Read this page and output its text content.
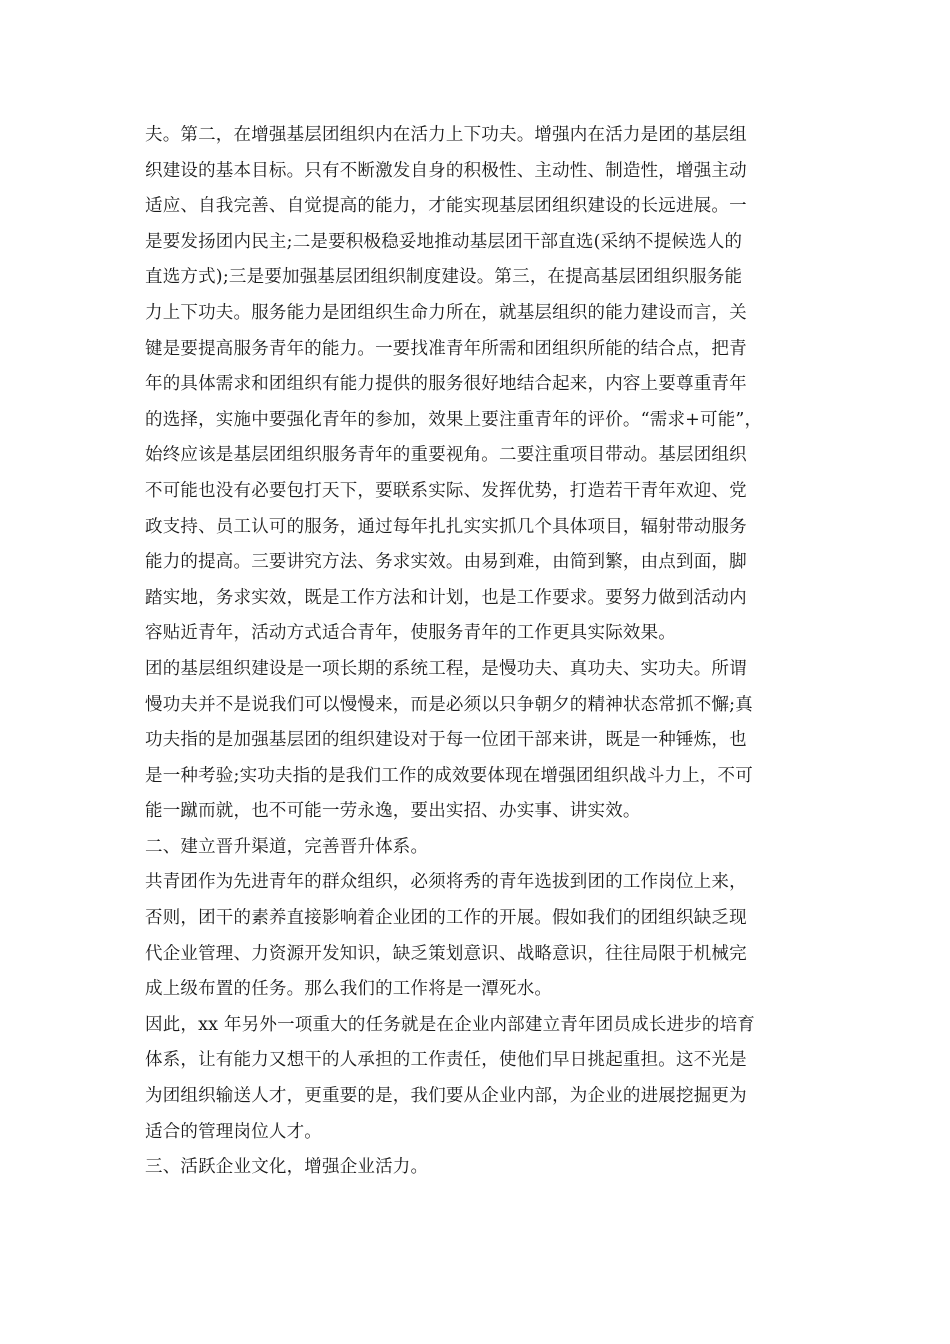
夫。第二，在增强基层团组织内在活力上下功夫。增强内在活力是团的基层组
织建设的基本目标。只有不断激发自身的积极性、主动性、制造性，增强主动
适应、自我完善、自觉提高的能力，才能实现基层团组织建设的长远进展。一
是要发扬团内民主;二是要积极稳妥地推动基层团干部直选(采纳不提候选人的
直选方式);三是要加强基层团组织制度建设。第三，在提高基层团组织服务能
力上下功夫。服务能力是团组织生命力所在，就基层组织的能力建设而言，关
键是要提高服务青年的能力。一要找准青年所需和团组织所能的结合点，把青
年的具体需求和团组织有能力提供的服务很好地结合起来，内容上要尊重青年
的选择，实施中要强化青年的参加，效果上要注重青年的评价。“需求+可能”，
始终应该是基层团组织服务青年的重要视角。二要注重项目带动。基层团组织
不可能也没有必要包打天下，要联系实际、发挥优势，打造若干青年欢迎、党
政支持、员工认可的服务，通过每年扎扎实实抓几个具体项目，辐射带动服务
能力的提高。三要讲究方法、务求实效。由易到难，由简到繁，由点到面，脚
踏实地，务求实效，既是工作方法和计划，也是工作要求。要努力做到活动内
容贴近青年，活动方式适合青年，使服务青年的工作更具实际效果。
团的基层组织建设是一项长期的系统工程，是慢功夫、真功夫、实功夫。所谓
慢功夫并不是说我们可以慢慢来，而是必须以只争朝夕的精神状态常抓不懈;真
功夫指的是加强基层团的组织建设对于每一位团干部来讲，既是一种锤炼，也
是一种考验;实功夫指的是我们工作的成效要体现在增强团组织战斗力上，不可
能一蹴而就，也不可能一劳永逸，要出实招、办实事、讲实效。
二、建立晋升渠道，完善晋升体系。
共青团作为先进青年的群众组织，必须将秀的青年选拔到团的工作岗位上来，
否则，团干的素养直接影响着企业团的工作的开展。假如我们的团组织缺乏现
代企业管理、力资源开发知识，缺乏策划意识、战略意识，往往局限于机械完
成上级布置的任务。那么我们的工作将是一潭死水。
因此，xx 年另外一项重大的任务就是在企业内部建立青年团员成长进步的培育
体系，让有能力又想干的人承担的工作责任，使他们早日挑起重担。这不光是
为团组织输送人才，更重要的是，我们要从企业内部，为企业的进展挖掘更为
适合的管理岗位人才。
三、活跃企业文化，增强企业活力。
